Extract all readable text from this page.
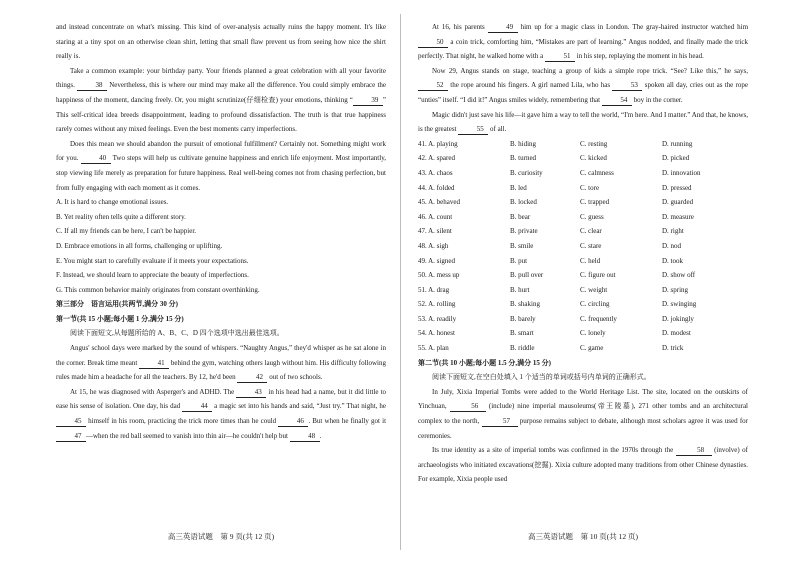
and instead concentrate on what's missing. This kind of over-analysis actually ruins the happy moment. It's like staring at a tiny spot on an otherwise clean shirt, letting that small flaw prevent us from seeing how nice the shirt really is.

Take a common example: your birthday party. Your friends planned a great celebration with all your favorite things.	38 Nevertheless, this is where our mind may make all the difference. You could simply embrace the happiness of the moment, dancing freely. Or, you might scrutinize(仔细检查) your emotions, thinking “	39 ” This self-critical idea breeds disappointment, leading to profound dissatisfaction. The truth is that true happiness rarely comes without any mixed feelings. Even the best moments carry imperfections.

Does this mean we should abandon the pursuit of emotional fulfillment? Certainly not. Something might work for you.	40 Two steps will help us cultivate genuine happiness and enrich life enjoyment. Most importantly, stop viewing life merely as preparation for future happiness. Real well-being comes not from chasing perfection, but from fully engaging with each moment as it comes.

A. It is hard to change emotional issues.

B. Yet reality often tells quite a different story.

C. If all my friends can be here, I can't be happier.

D. Embrace emotions in all forms, challenging or uplifting.

E. You might start to carefully evaluate if it meets your expectations.

F. Instead, we should learn to appreciate the beauty of imperfections.

G. This common behavior mainly originates from constant overthinking.

第三部分　语言运用(共两节,满分 30 分)

第一节(共 15 小题;每小题 1 分,满分 15 分)

阅读下面短文,从每题所给的 A、B、C、D 四个选项中选出最佳选项。

Angus' school days were marked by the sound of whispers. “Naughty Angus,” they'd whisper as he sat alone in the corner. Break time meant	41 behind the gym, watching others laugh without him. His difficulty following rules made him a headache for all the teachers. By 12, he'd been	42 out of two schools.

At 15, he was diagnosed with Asperger's and ADHD. The	43 in his head had a name, but it did little to ease his sense of isolation. One day, his dad	44 a magic set into his hands and said, “Just try.” That night, he 45 himself in his room, practicing the trick more times than he could	46 . But when he finally got it 47 —when the red ball seemed to vanish into thin air—he couldn't help but	48 .

高三英语试题　第 9 页(共 12 页)

At 16, his parents	49 him up for a magic class in London. The gray-haired instructor watched him 50 a coin trick, comforting him, “Mistakes are part of learning.” Angus nodded, and finally made the trick perfectly. That night, he walked home with a	51 in his step, replaying the moment in his head.

Now 29, Angus stands on stage, teaching a group of kids a simple rope trick. “See? Like this,” he says, 52 the rope around his fingers. A girl named Lila, who has	53 spoken all day, cries out as the rope “unties” itself. “I did it!” Angus smiles widely, remembering that	54 boy in the corner.

Magic didn't just save his life—it gave him a way to tell the world, “I'm here. And I matter.” And that, he knows, is the greatest	55 of all.

41. A. playing	B. hiding	C. resting	D. running
42. A. spared	B. turned	C. kicked	D. picked
43. A. chaos	B. curiosity	C. calmness	D. innovation
44. A. folded	B. led	C. tore	D. pressed
45. A. behaved	B. locked	C. trapped	D. guarded
46. A. count	B. bear	C. guess	D. measure
47. A. silent	B. private	C. clear	D. right
48. A. sigh	B. smile	C. stare	D. nod
49. A. signed	B. put	C. held	D. took
50. A. mess up	B. pull over	C. figure out	D. show off
51. A. drag	B. hurt	C. weight	D. spring
52. A. rolling	B. shaking	C. circling	D. swinging
53. A. readily	B. barely	C. frequently	D. jokingly
54. A. honest	B. smart	C. lonely	D. modest
55. A. plan	B. riddle	C. game	D. trick

第二节(共 10 小题;每小题 1.5 分,满分 15 分)

阅读下面短文,在空白处填入 1 个适当的单词或括号内单词的正确形式。

In July, Xixia Imperial Tombs were added to the World Heritage List. The site, located on the outskirts of Yinchuan,	56 (include) nine imperial mausoleums(帝王陵墓), 271 other tombs and an architectural complex to the north,	57 purpose remains subject to debate, although most scholars agree it was used for ceremonies.

Its true identity as a site of imperial tombs was confirmed in the 1970s through the	58 (involve) of archaeologists who initiated excavations(挖掘). Xixia culture adopted many traditions from other Chinese dynasties. For example, Xixia people used

高三英语试题　第 10 页(共 12 页)
